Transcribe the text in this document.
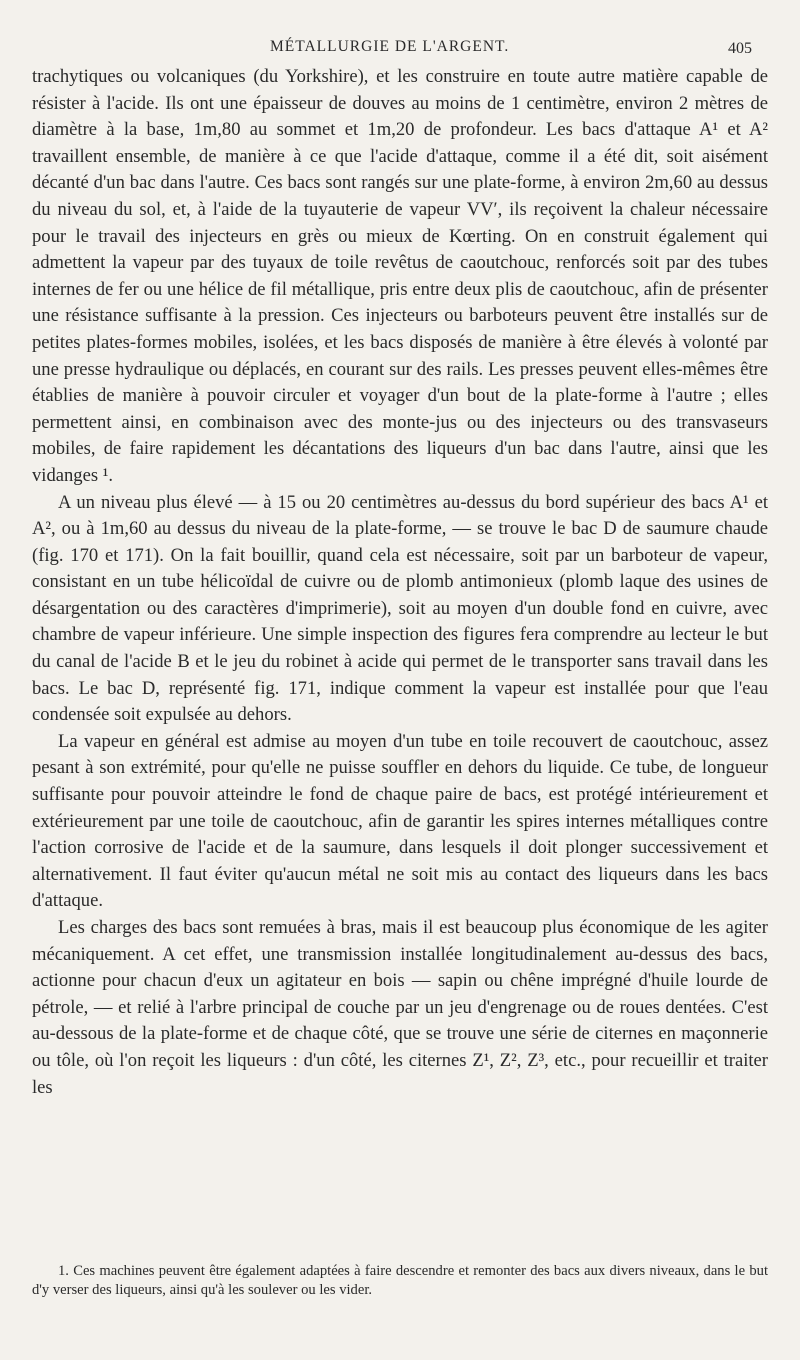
MÉTALLURGIE DE L'ARGENT.	405

trachytiques ou volcaniques (du Yorkshire), et les construire en toute autre matière capable de résister à l'acide. Ils ont une épaisseur de douves au moins de 1 centimètre, environ 2 mètres de diamètre à la base, 1m,80 au sommet et 1m,20 de profondeur. Les bacs d'attaque A¹ et A² travaillent ensemble, de manière à ce que l'acide d'attaque, comme il a été dit, soit aisément décanté d'un bac dans l'autre. Ces bacs sont rangés sur une plate-forme, à environ 2m,60 au dessus du niveau du sol, et, à l'aide de la tuyauterie de vapeur VV′, ils reçoivent la chaleur nécessaire pour le travail des injecteurs en grès ou mieux de Kœrting. On en construit également qui admettent la vapeur par des tuyaux de toile revêtus de caoutchouc, renforcés soit par des tubes internes de fer ou une hélice de fil métallique, pris entre deux plis de caoutchouc, afin de présenter une résistance suffisante à la pression. Ces injecteurs ou barboteurs peuvent être installés sur de petites plates-formes mobiles, isolées, et les bacs disposés de manière à être élevés à volonté par une presse hydraulique ou déplacés, en courant sur des rails. Les presses peuvent elles-mêmes être établies de manière à pouvoir circuler et voyager d'un bout de la plate-forme à l'autre ; elles permettent ainsi, en combinaison avec des monte-jus ou des injecteurs ou des transvaseurs mobiles, de faire rapidement les décantations des liqueurs d'un bac dans l'autre, ainsi que les vidanges ¹.

A un niveau plus élevé — à 15 ou 20 centimètres au-dessus du bord supérieur des bacs A¹ et A², ou à 1m,60 au dessus du niveau de la plate-forme, — se trouve le bac D de saumure chaude (fig. 170 et 171). On la fait bouillir, quand cela est nécessaire, soit par un barboteur de vapeur, consistant en un tube hélicoïdal de cuivre ou de plomb antimonieux (plomb laque des usines de désargentation ou des caractères d'imprimerie), soit au moyen d'un double fond en cuivre, avec chambre de vapeur inférieure. Une simple inspection des figures fera comprendre au lecteur le but du canal de l'acide B et le jeu du robinet à acide qui permet de le transporter sans travail dans les bacs. Le bac D, représenté fig. 171, indique comment la vapeur est installée pour que l'eau condensée soit expulsée au dehors.

La vapeur en général est admise au moyen d'un tube en toile recouvert de caoutchouc, assez pesant à son extrémité, pour qu'elle ne puisse souffler en dehors du liquide. Ce tube, de longueur suffisante pour pouvoir atteindre le fond de chaque paire de bacs, est protégé intérieurement et extérieurement par une toile de caoutchouc, afin de garantir les spires internes métalliques contre l'action corrosive de l'acide et de la saumure, dans lesquels il doit plonger successivement et alternativement. Il faut éviter qu'aucun métal ne soit mis au contact des liqueurs dans les bacs d'attaque.

Les charges des bacs sont remuées à bras, mais il est beaucoup plus économique de les agiter mécaniquement. A cet effet, une transmission installée longitudinalement au-dessus des bacs, actionne pour chacun d'eux un agitateur en bois — sapin ou chêne imprégné d'huile lourde de pétrole, — et relié à l'arbre principal de couche par un jeu d'engrenage ou de roues dentées. C'est au-dessous de la plate-forme et de chaque côté, que se trouve une série de citernes en maçonnerie ou tôle, où l'on reçoit les liqueurs : d'un côté, les citernes Z¹, Z², Z³, etc., pour recueillir et traiter les

1. Ces machines peuvent être également adaptées à faire descendre et remonter des bacs aux divers niveaux, dans le but d'y verser des liqueurs, ainsi qu'à les soulever ou les vider.
